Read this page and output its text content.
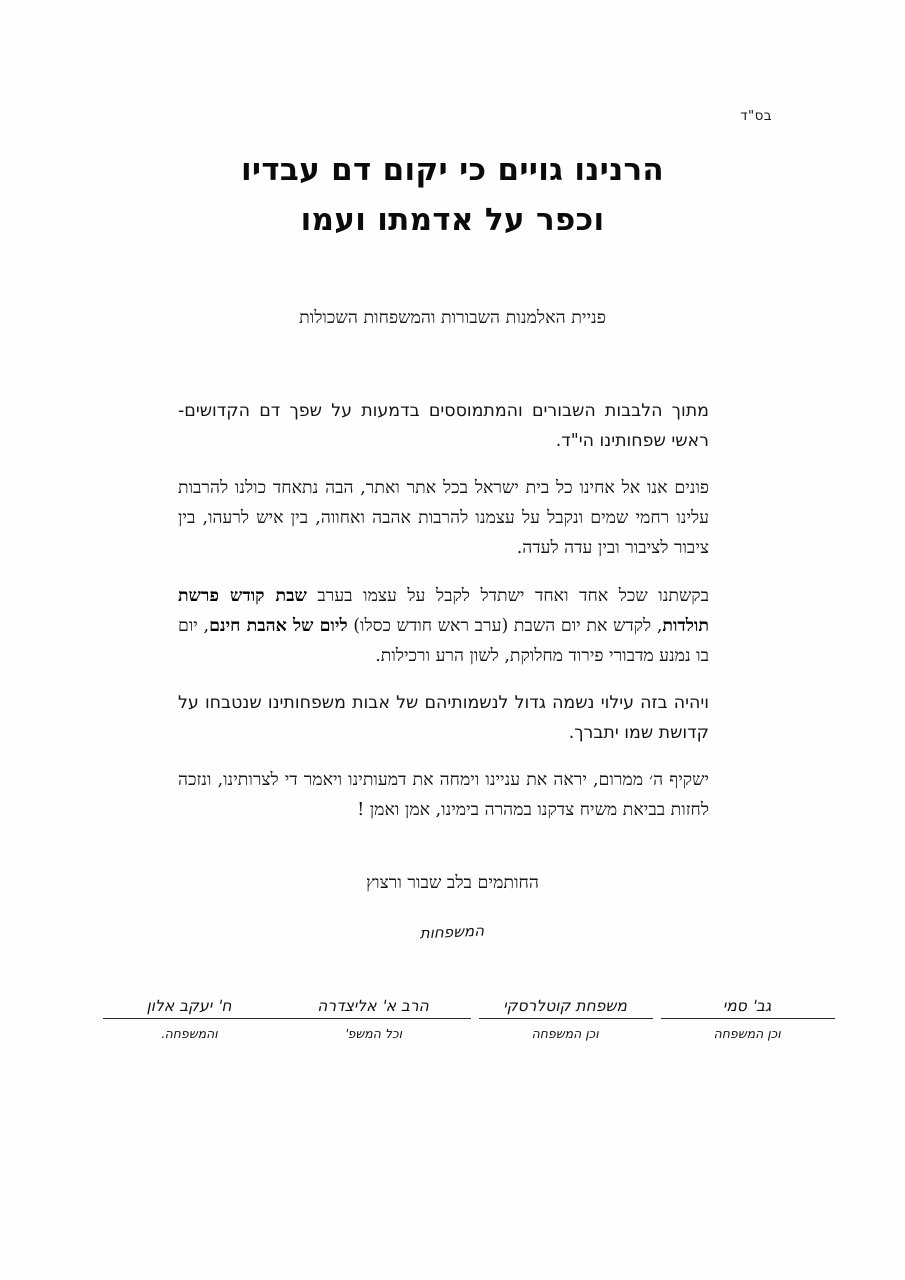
בס"ד
הרנינו גויים כי יקום דם עבדיו
וכפר על אדמתו ועמו
פניית האלמנות השבורות והמשפחות השכולות

מתוך הלבבות השבורים והמתמוססים בדמעות על שפך דם הקדושים- ראשי שפחותינו הי"ד.

פונים אנו אל אחינו כל בית ישראל בכל אתר ואתר, הבה נתאחד כולנו להרבות עלינו רחמי שמים ונקבל על עצמנו להרבות אהבה ואחווה, בין איש לרעהו, בין ציבור לציבור ובין עדה לעדה.

בקשתנו שכל אחד ואחד ישתדל לקבל על עצמו בערב שבת קודש פרשת תולדות, לקדש את יום השבת (ערב ראש חודש כסלו) ליום של אהבת חינם, יום בו נמנע מדבורי פירוד מחלוקת, לשון הרע ורכילות.

ויהיה בזה עילוי נשמה גדול לנשמותיהם של אבות משפחותינו שנטבחו על קדושת שמו יתברך.

ישקיף ה׳ ממרום, יראה את עניינו וימחה את דמעותינו ויאמר די לצרותינו, ונזכה לחזות בביאת משיח צדקנו במהרה בימינו, אמן ואמן !

החותמים בלב שבור ורצוץ
המשפחות
גב' סמי
וכן המשפחה
משפחת קוטלרסקי
וכן המשפחה
הרב א' אליצדרה
וכל המשפ'
ח' יעקב אלון
והמשפחה.
